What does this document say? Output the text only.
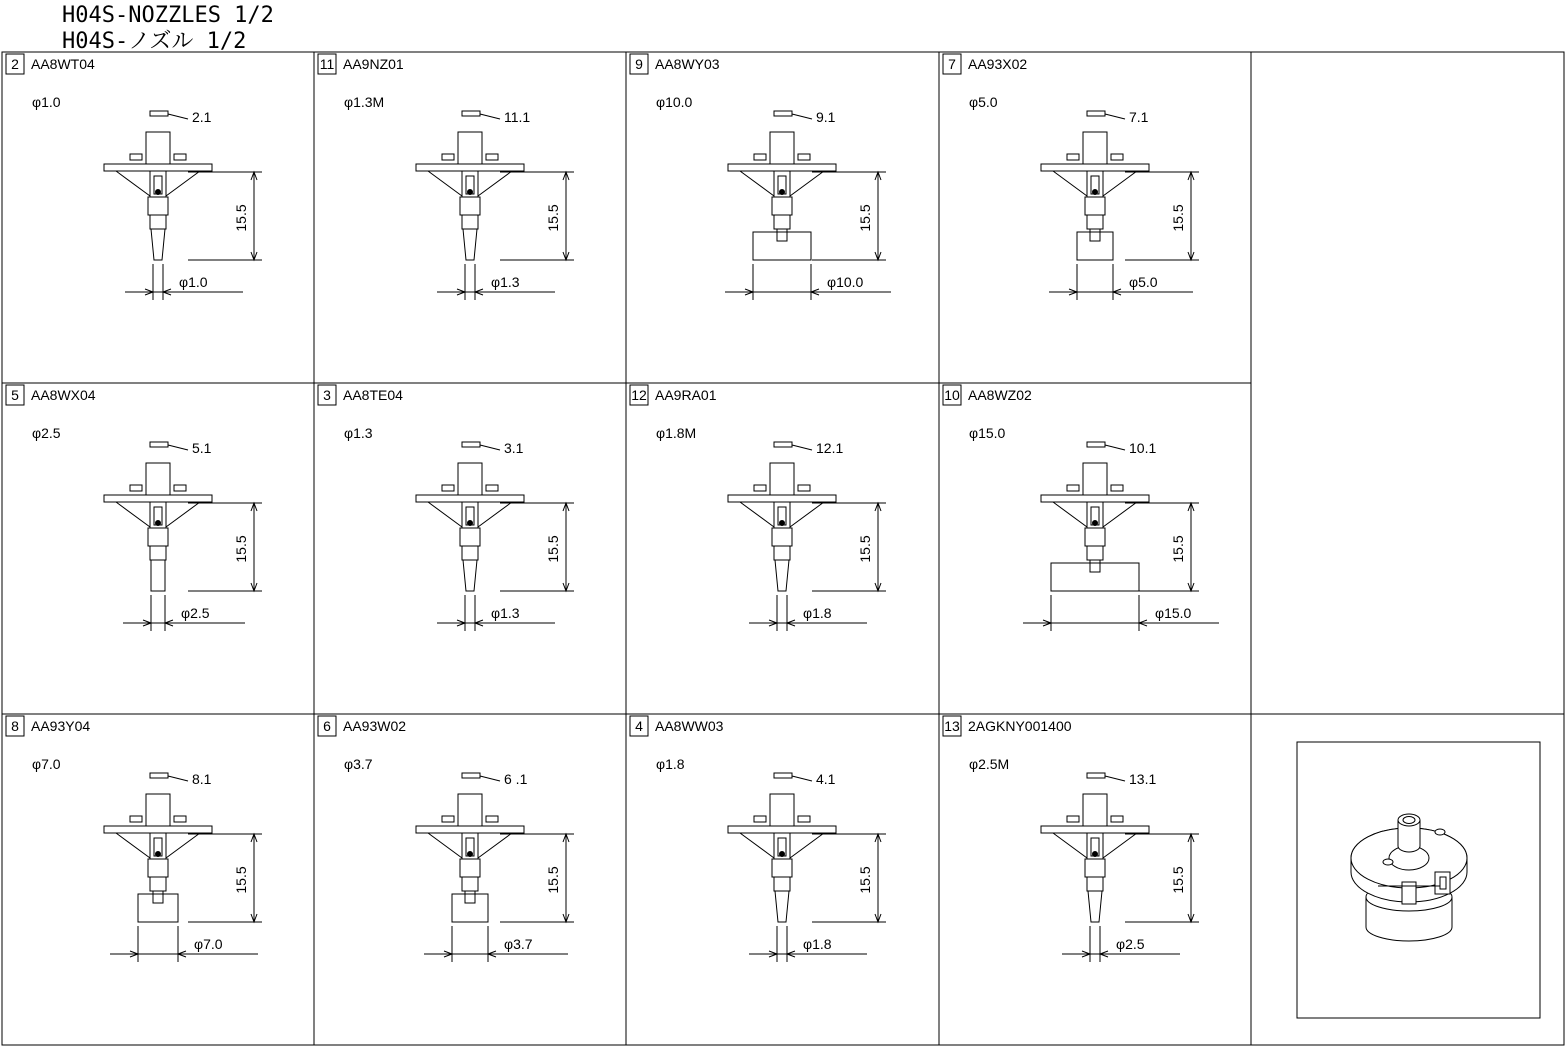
H04S-NOZZLES 1/2
H04S-ノズル 1/2
2 AA8WT04
φ1.0
2.1
15.5
φ1.0
5 AA8WX04
φ2.5
5.1
15.5
φ2.5
8 AA93Y04
φ7.0
8.1
15.5
φ7.0
11 AA9NZ01
φ1.3M
11.1
15.5
φ1.3
3 AA8TE04
φ1.3
3.1
15.5
φ1.3
6 AA93W02
φ3.7
6 .1
15.5
φ3.7
9 AA8WY03
φ10.0
9.1
15.5
φ10.0
12 AA9RA01
φ1.8M
12.1
15.5
φ1.8
4 AA8WW03
φ1.8
4.1
15.5
φ1.8
7 AA93X02
φ5.0
7.1
15.5
φ5.0
10 AA8WZ02
φ15.0
10.1
15.5
φ15.0
13 2AGKNY001400
φ2.5M
13.1
15.5
φ2.5
